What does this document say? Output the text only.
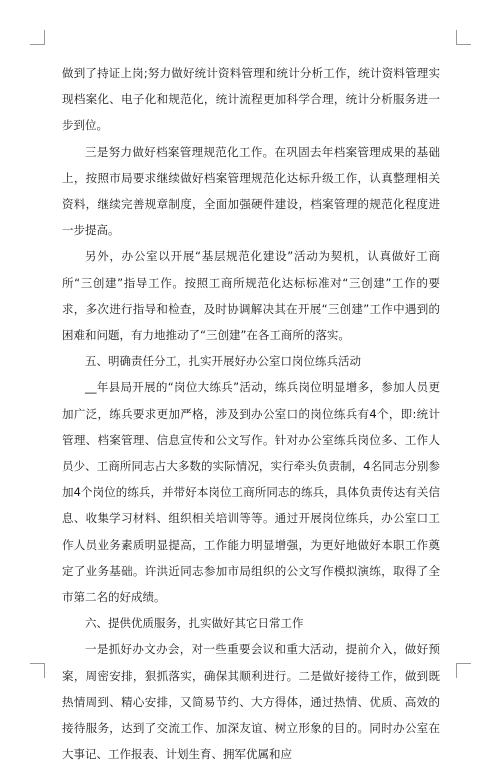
做到了持证上岗;努力做好统计资料管理和统计分析工作，统计资料管理实现档案化、电子化和规范化，统计流程更加科学合理，统计分析服务进一步到位。

三是努力做好档案管理规范化工作。在巩固去年档案管理成果的基础上，按照市局要求继续做好档案管理规范化达标升级工作，认真整理相关资料，继续完善规章制度，全面加强硬件建设，档案管理的规范化程度进一步提高。

另外，办公室以开展“基层规范化建设”活动为契机，认真做好工商所“三创建”指导工作。按照工商所规范化达标标准对“三创建”工作的要求，多次进行指导和检查，及时协调解决其在开展“三创建”工作中遇到的困难和问题，有力地推动了“三创建”在各工商所的落实。

五、明确责任分工，扎实开展好办公室口岗位练兵活动

__年县局开展的“岗位大练兵”活动，练兵岗位明显增多，参加人员更加广泛，练兵要求更加严格，涉及到办公室口的岗位练兵有4个，即:统计管理、档案管理、信息宣传和公文写作。针对办公室练兵岗位多、工作人员少、工商所同志占大多数的实际情况，实行牵头负责制，4名同志分别参加4个岗位的练兵，并带好本岗位工商所同志的练兵，具体负责传达有关信息、收集学习材料、组织相关培训等等。通过开展岗位练兵，办公室口工作人员业务素质明显提高，工作能力明显增强，为更好地做好本职工作奠定了业务基础。许洪近同志参加市局组织的公文写作模拟演练，取得了全市第二名的好成绩。

六、提供优质服务，扎实做好其它日常工作

一是抓好办文办会，对一些重要会议和重大活动，提前介入，做好预案，周密安排，狠抓落实，确保其顺利进行。二是做好接待工作，做到既热情周到、精心安排，又简易节约、大方得体，通过热情、优质、高效的接待服务，达到了交流工作、加深友谊、树立形象的目的。同时办公室在大事记、工作报表、计划生育、拥军优属和应
